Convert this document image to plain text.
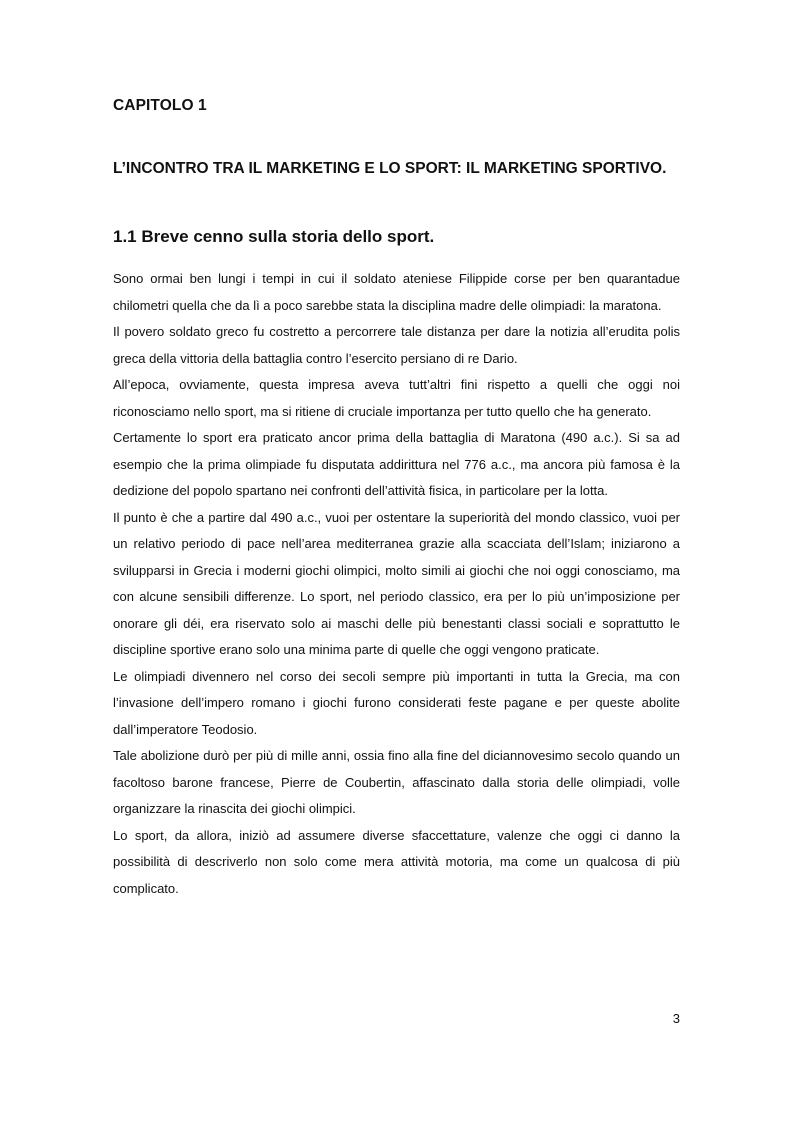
CAPITOLO 1
L’INCONTRO TRA IL MARKETING E LO SPORT: IL MARKETING SPORTIVO.
1.1 Breve cenno sulla storia dello sport.

Sono ormai ben lungi i tempi in cui il soldato ateniese Filippide corse per ben quarantadue chilometri quella che da lì a poco sarebbe stata la disciplina madre delle olimpiadi: la maratona.

Il povero soldato greco fu costretto a percorrere tale distanza per dare la notizia all’erudita polis greca della vittoria della battaglia contro l’esercito persiano di re Dario.

All’epoca, ovviamente, questa impresa aveva tutt’altri fini rispetto a quelli che oggi noi riconosciamo nello sport, ma si ritiene di cruciale importanza per tutto quello che ha generato.

Certamente lo sport era praticato ancor prima della battaglia di Maratona (490 a.c.). Si sa ad esempio che la prima olimpiade fu disputata addirittura nel 776 a.c., ma ancora più famosa è la dedizione del popolo spartano nei confronti dell’attività fisica, in particolare per la lotta.

Il punto è che a partire dal 490 a.c., vuoi per ostentare la superiorità del mondo classico, vuoi per un relativo periodo di pace nell’area mediterranea grazie alla scacciata dell’Islam; iniziarono a svilupparsi in Grecia i moderni giochi olimpici, molto simili ai giochi che noi oggi conosciamo, ma con alcune sensibili differenze. Lo sport, nel periodo classico, era per lo più un’imposizione per onorare gli déi, era riservato solo ai maschi delle più benestanti classi sociali e soprattutto le discipline sportive erano solo una minima parte di quelle che oggi vengono praticate.

Le olimpiadi divennero nel corso dei secoli sempre più importanti in tutta la Grecia, ma con l’invasione dell’impero romano i giochi furono considerati feste pagane e per queste abolite dall’imperatore Teodosio.

Tale abolizione durò per più di mille anni, ossia fino alla fine del diciannovesimo secolo quando un facoltoso barone francese, Pierre de Coubertin, affascinato dalla storia delle olimpiadi, volle organizzare la rinascita dei giochi olimpici.

Lo sport, da allora, iniziò ad assumere diverse sfaccettature, valenze che oggi ci danno la possibilità di descriverlo non solo come mera attività motoria, ma come un qualcosa di più complicato.

3
